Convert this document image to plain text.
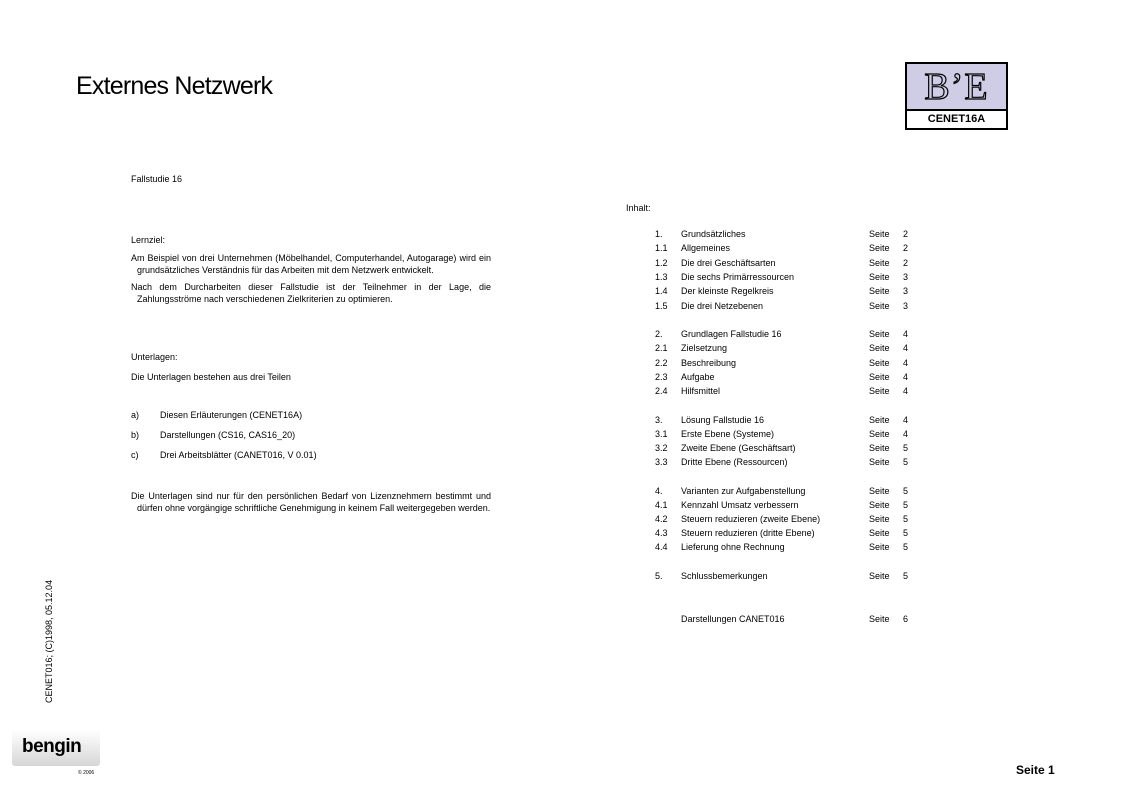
Externes Netzwerk	B’E
CENET16A
Fallstudie 16
Lernziel:

Am Beispiel von drei Unternehmen (Möbelhandel, Computerhandel, Autogarage) wird ein grundsätzliches Verständnis für das Arbeiten mit dem Netzwerk entwickelt.

Nach dem Durcharbeiten dieser Fallstudie ist der Teilnehmer in der Lage, die Zahlungsströme nach verschiedenen Zielkriterien zu optimieren.

Unterlagen:
Die Unterlagen bestehen aus drei Teilen
a) Diesen Erläuterungen (CENET16A)
b) Darstellungen (CS16, CAS16_20)
c) Drei Arbeitsblätter (CANET016, V 0.01)

Die Unterlagen sind nur für den persönlichen Bedarf von Lizenznehmern bestimmt und dürfen ohne vorgängige schriftliche Genehmigung in keinem Fall weitergegeben werden.

Inhalt:
1. Grundsätzliches	Seite 2
1.1 Allgemeines	Seite 2
1.2 Die drei Geschäftsarten	Seite 2
1.3 Die sechs Primärressourcen	Seite 3
1.4 Der kleinste Regelkreis	Seite 3
1.5 Die drei Netzebenen	Seite 3
2. Grundlagen Fallstudie 16	Seite 4
2.1 Zielsetzung	Seite 4
2.2 Beschreibung	Seite 4
2.3 Aufgabe	Seite 4
2.4 Hilfsmittel	Seite 4
3. Lösung Fallstudie 16	Seite 4
3.1 Erste Ebene (Systeme)	Seite 4
3.2 Zweite Ebene (Geschäftsart)	Seite 5
3.3 Dritte Ebene (Ressourcen)	Seite 5
4. Varianten zur Aufgabenstellung	Seite 5
4.1 Kennzahl Umsatz verbessern	Seite 5
4.2 Steuern reduzieren (zweite Ebene)	Seite 5
4.3 Steuern reduzieren (dritte Ebene)	Seite 5
4.4 Lieferung ohne Rechnung	Seite 5
5. Schlussbemerkungen	Seite 5
Darstellungen CANET016	Seite 6
CENET016; (C)1998, 05.12.04
bengin
© 2006	Seite 1
